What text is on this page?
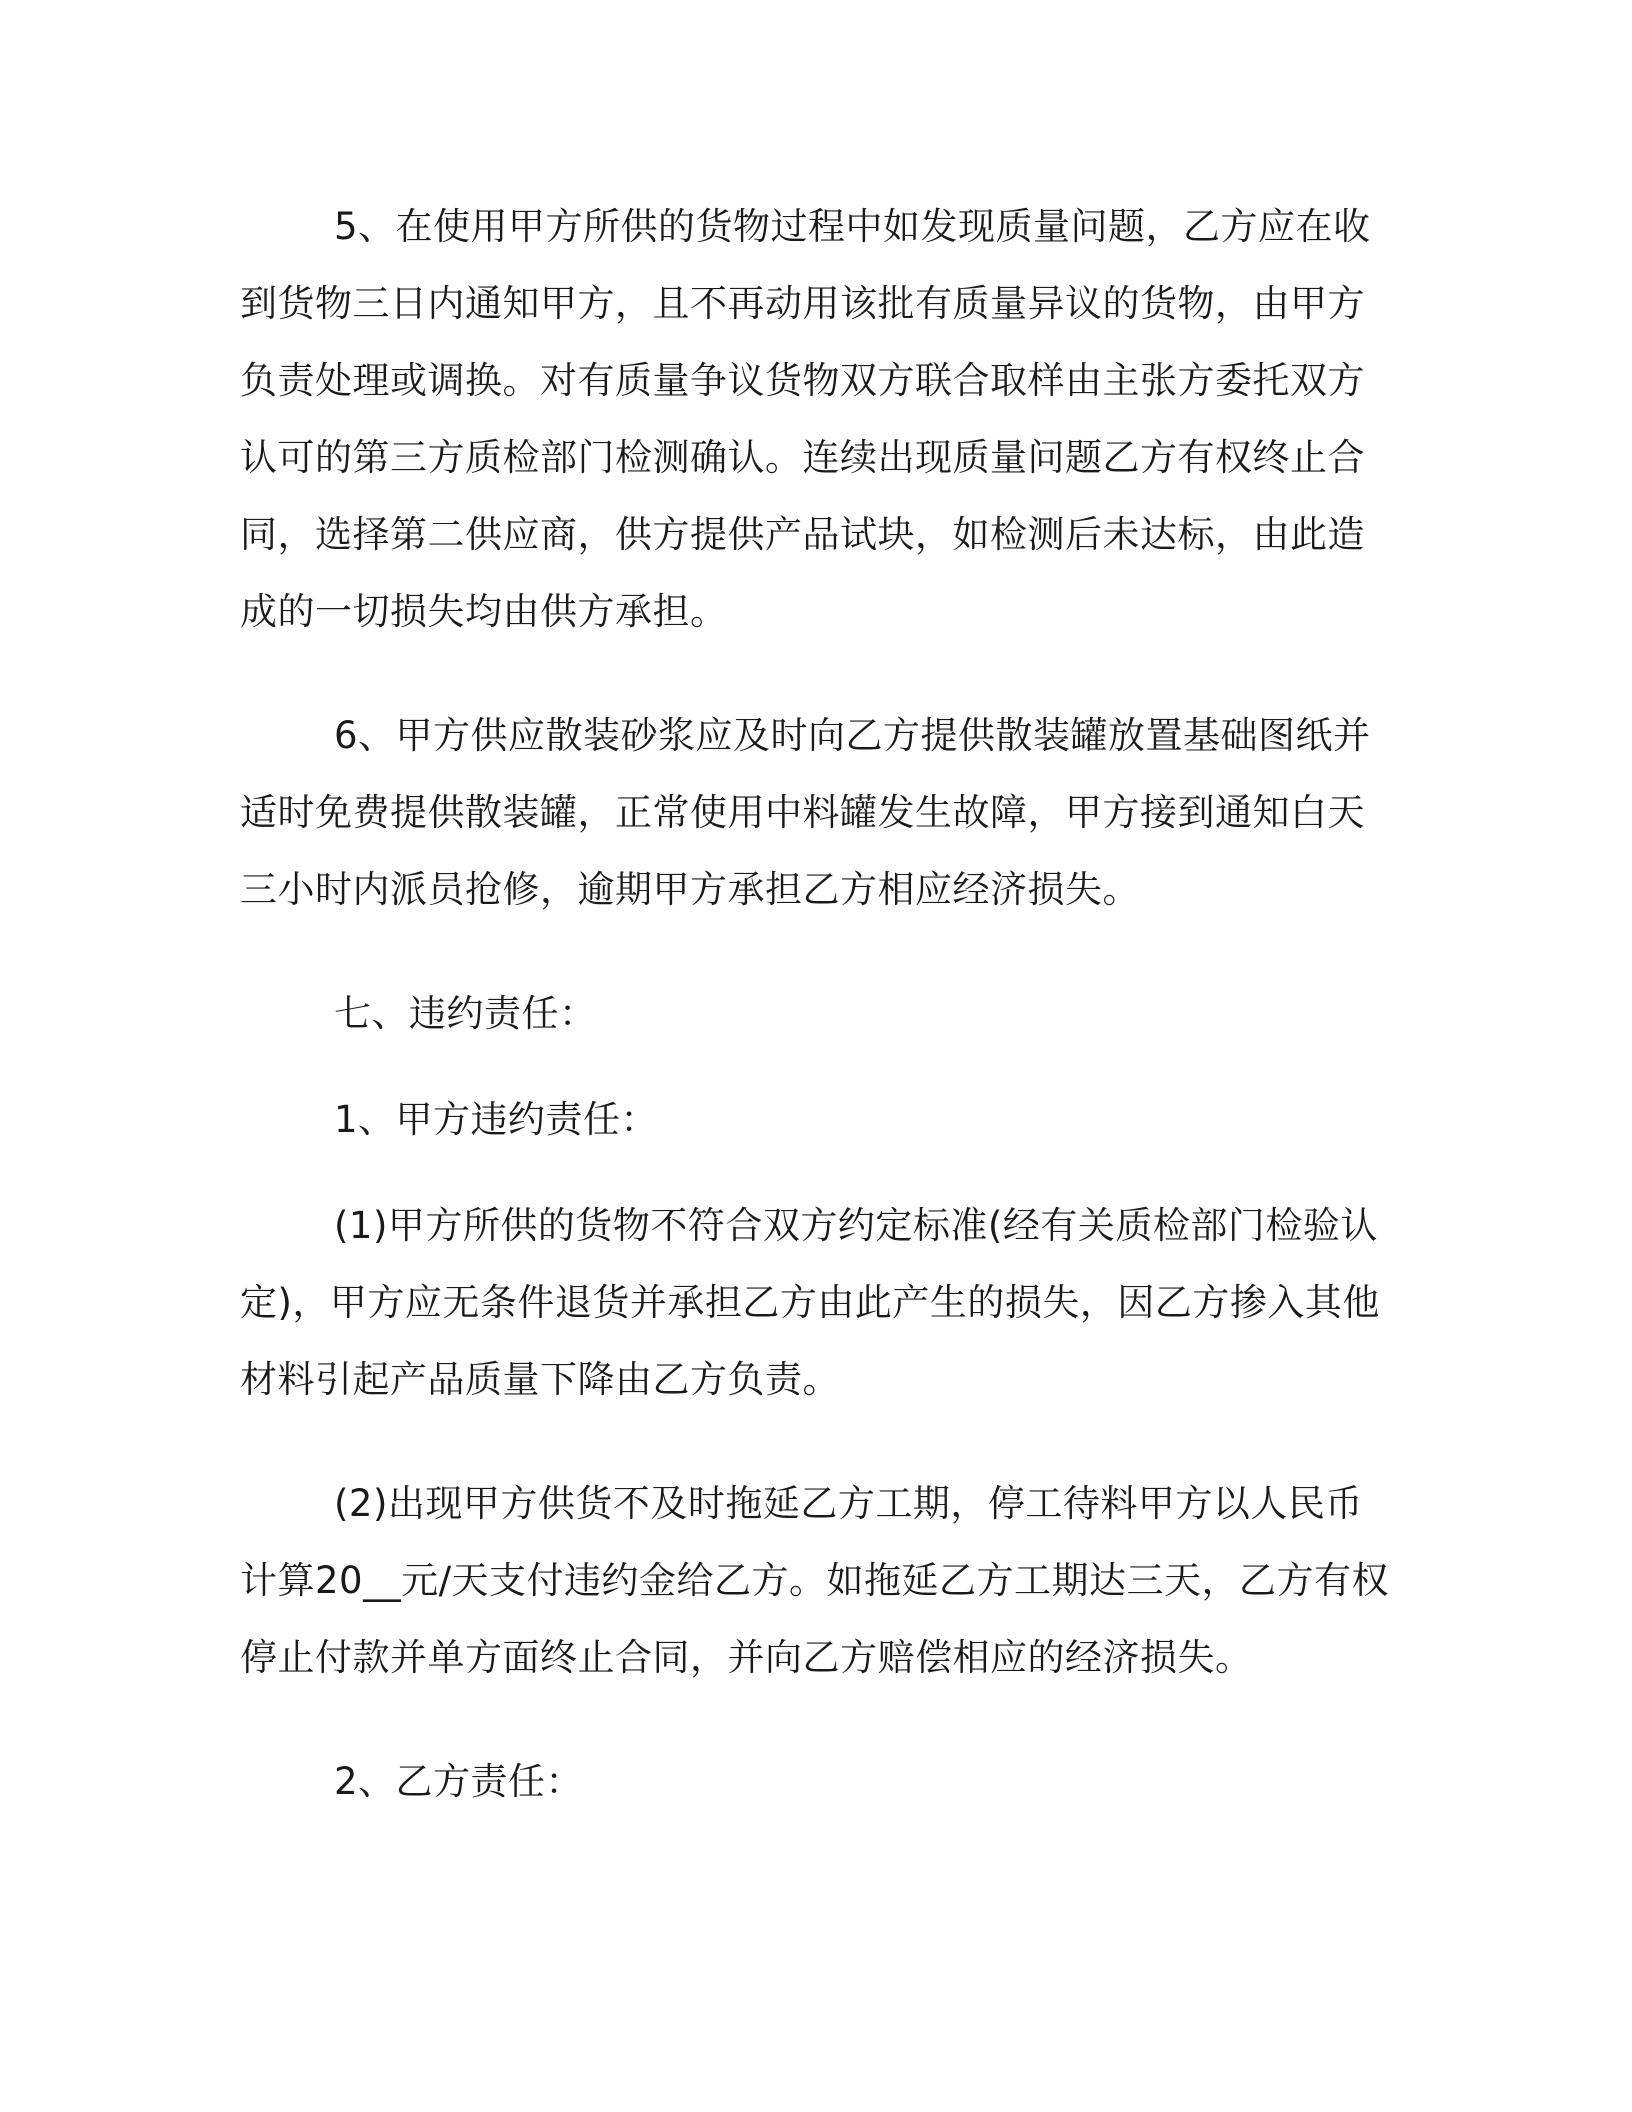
5、在使用甲方所供的货物过程中如发现质量问题，乙方应在收到货物三日内通知甲方，且不再动用该批有质量异议的货物，由甲方负责处理或调换。对有质量争议货物双方联合取样由主张方委托双方认可的第三方质检部门检测确认。连续出现质量问题乙方有权终止合同，选择第二供应商，供方提供产品试块，如检测后未达标，由此造成的一切损失均由供方承担。

6、甲方供应散装砂浆应及时向乙方提供散装罐放置基础图纸并适时免费提供散装罐，正常使用中料罐发生故障，甲方接到通知白天三小时内派员抢修，逾期甲方承担乙方相应经济损失。

七、违约责任：

1、甲方违约责任：

(1)甲方所供的货物不符合双方约定标准(经有关质检部门检验认定)，甲方应无条件退货并承担乙方由此产生的损失，因乙方掺入其他材料引起产品质量下降由乙方负责。

(2)出现甲方供货不及时拖延乙方工期，停工待料甲方以人民币计算20__元/天支付违约金给乙方。如拖延乙方工期达三天，乙方有权停止付款并单方面终止合同，并向乙方赔偿相应的经济损失。

2、乙方责任：
